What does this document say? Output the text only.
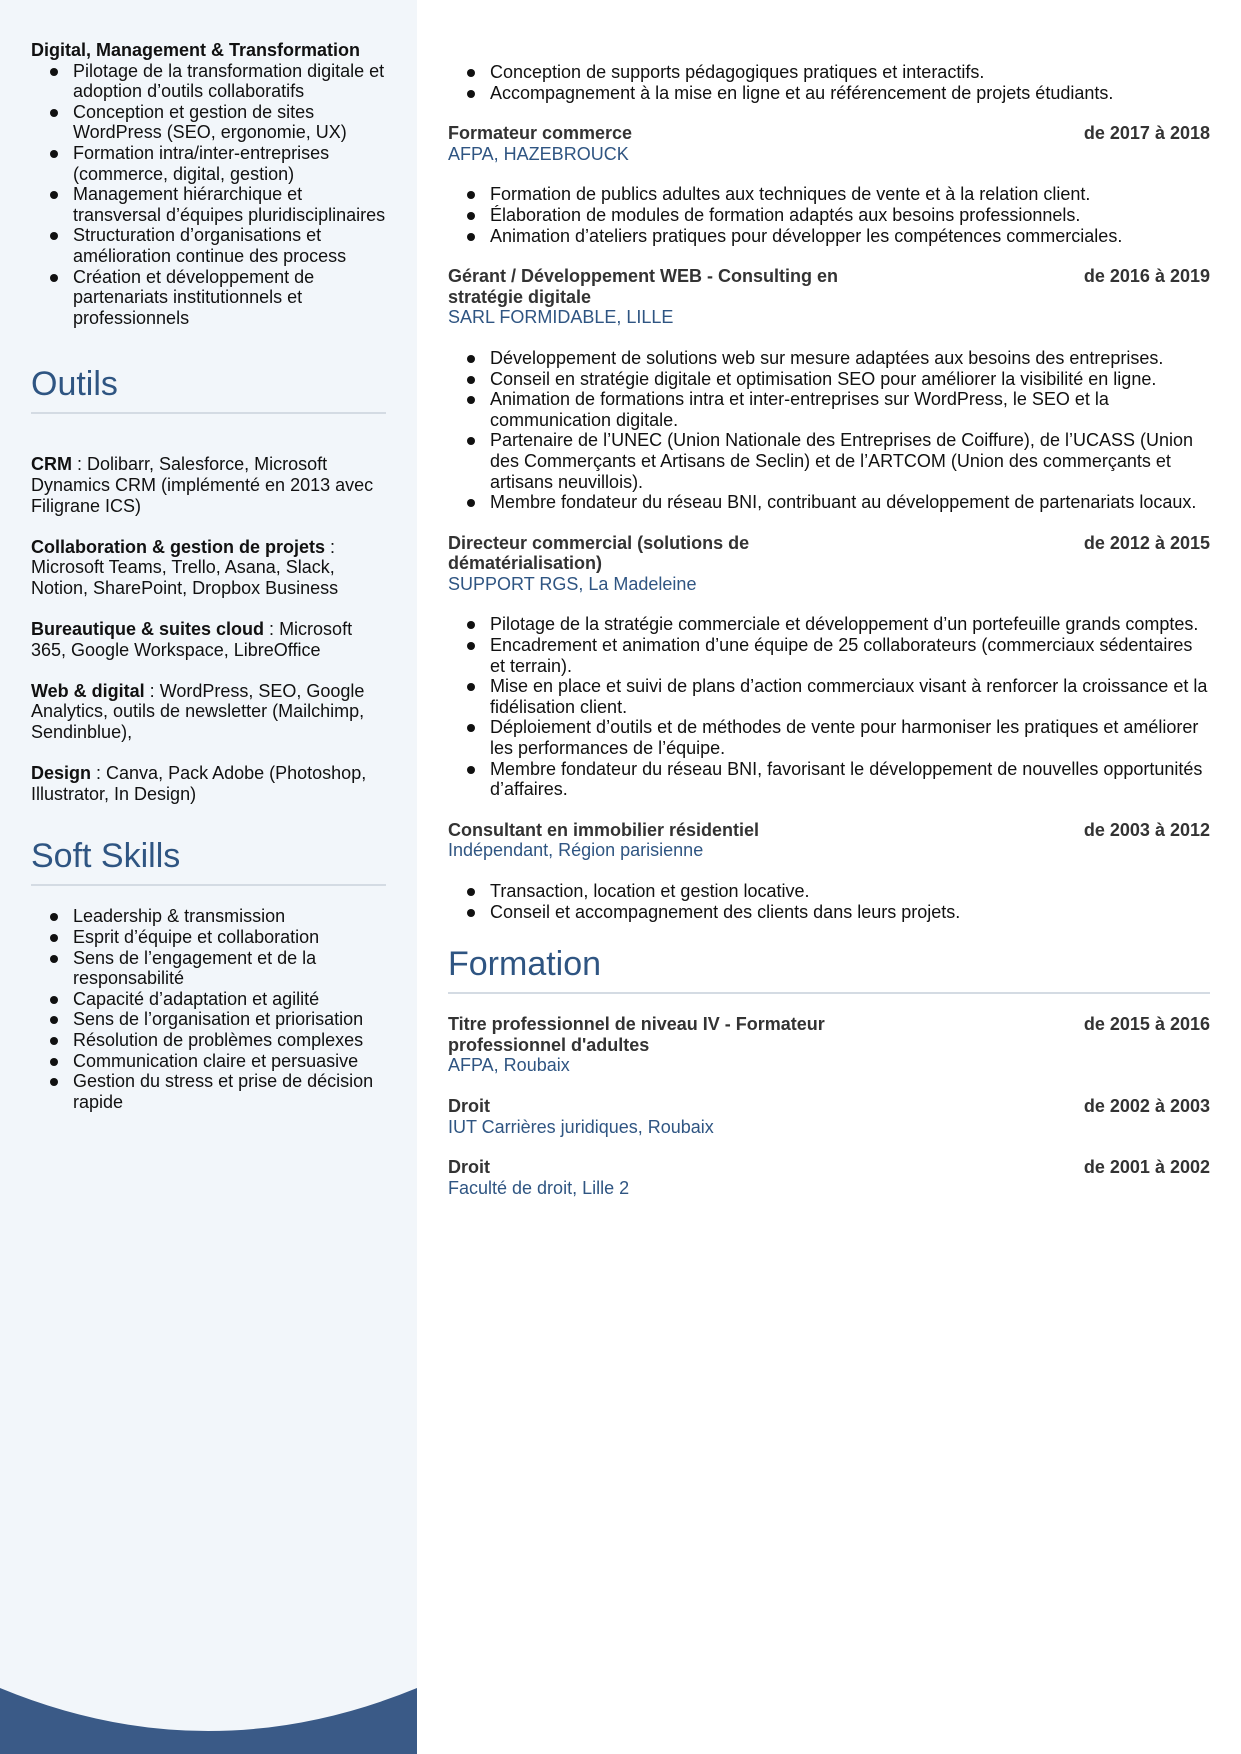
Digital, Management & Transformation

Pilotage de la transformation digitale et adoption d’outils collaboratifs
Conception et gestion de sites WordPress (SEO, ergonomie, UX)
Formation intra/inter-entreprises (commerce, digital, gestion)
Management hiérarchique et transversal d’équipes pluridisciplinaires
Structuration d’organisations et amélioration continue des process
Création et développement de partenariats institutionnels et professionnels
Outils

CRM : Dolibarr, Salesforce, Microsoft Dynamics CRM (implémenté en 2013 avec Filigrane ICS)

Collaboration & gestion de projets : Microsoft Teams, Trello, Asana, Slack, Notion, SharePoint, Dropbox Business

Bureautique & suites cloud : Microsoft 365, Google Workspace, LibreOffice

Web & digital : WordPress, SEO, Google Analytics, outils de newsletter (Mailchimp, Sendinblue),

Design : Canva, Pack Adobe (Photoshop, Illustrator, In Design)

Soft Skills
Leadership & transmission
Esprit d’équipe et collaboration
Sens de l’engagement et de la responsabilité
Capacité d’adaptation et agilité
Sens de l’organisation et priorisation
Résolution de problèmes complexes
Communication claire et persuasive
Gestion du stress et prise de décision rapide
Conception de supports pédagogiques pratiques et interactifs.
Accompagnement à la mise en ligne et au référencement de projets étudiants.
Formateur commerce	de 2017 à 2018
AFPA, HAZEBROUCK
Formation de publics adultes aux techniques de vente et à la relation client.
Élaboration de modules de formation adaptés aux besoins professionnels.
Animation d’ateliers pratiques pour développer les compétences commerciales.
Gérant / Développement WEB - Consulting en stratégie digitale
de 2016 à 2019
SARL FORMIDABLE, LILLE
Développement de solutions web sur mesure adaptées aux besoins des entreprises.
Conseil en stratégie digitale et optimisation SEO pour améliorer la visibilité en ligne.
Animation de formations intra et inter-entreprises sur WordPress, le SEO et la communication digitale.
Partenaire de l’UNEC (Union Nationale des Entreprises de Coiffure), de l’UCASS (Union des Commerçants et Artisans de Seclin) et de l’ARTCOM (Union des commerçants et artisans neuvillois).
Membre fondateur du réseau BNI, contribuant au développement de partenariats locaux.
Directeur commercial (solutions de dématérialisation)
de 2012 à 2015
SUPPORT RGS, La Madeleine
Pilotage de la stratégie commerciale et développement d’un portefeuille grands comptes.
Encadrement et animation d’une équipe de 25 collaborateurs (commerciaux sédentaires et terrain).
Mise en place et suivi de plans d’action commerciaux visant à renforcer la croissance et la fidélisation client.
Déploiement d’outils et de méthodes de vente pour harmoniser les pratiques et améliorer les performances de l’équipe.
Membre fondateur du réseau BNI, favorisant le développement de nouvelles opportunités d’affaires.
Consultant en immobilier résidentiel	de 2003 à 2012
Indépendant, Région parisienne
Transaction, location et gestion locative.
Conseil et accompagnement des clients dans leurs projets.
Formation
Titre professionnel de niveau IV - Formateur professionnel d'adultes
de 2015 à 2016
AFPA, Roubaix
Droit	de 2002 à 2003
IUT Carrières juridiques, Roubaix
Droit	de 2001 à 2002
Faculté de droit, Lille 2
